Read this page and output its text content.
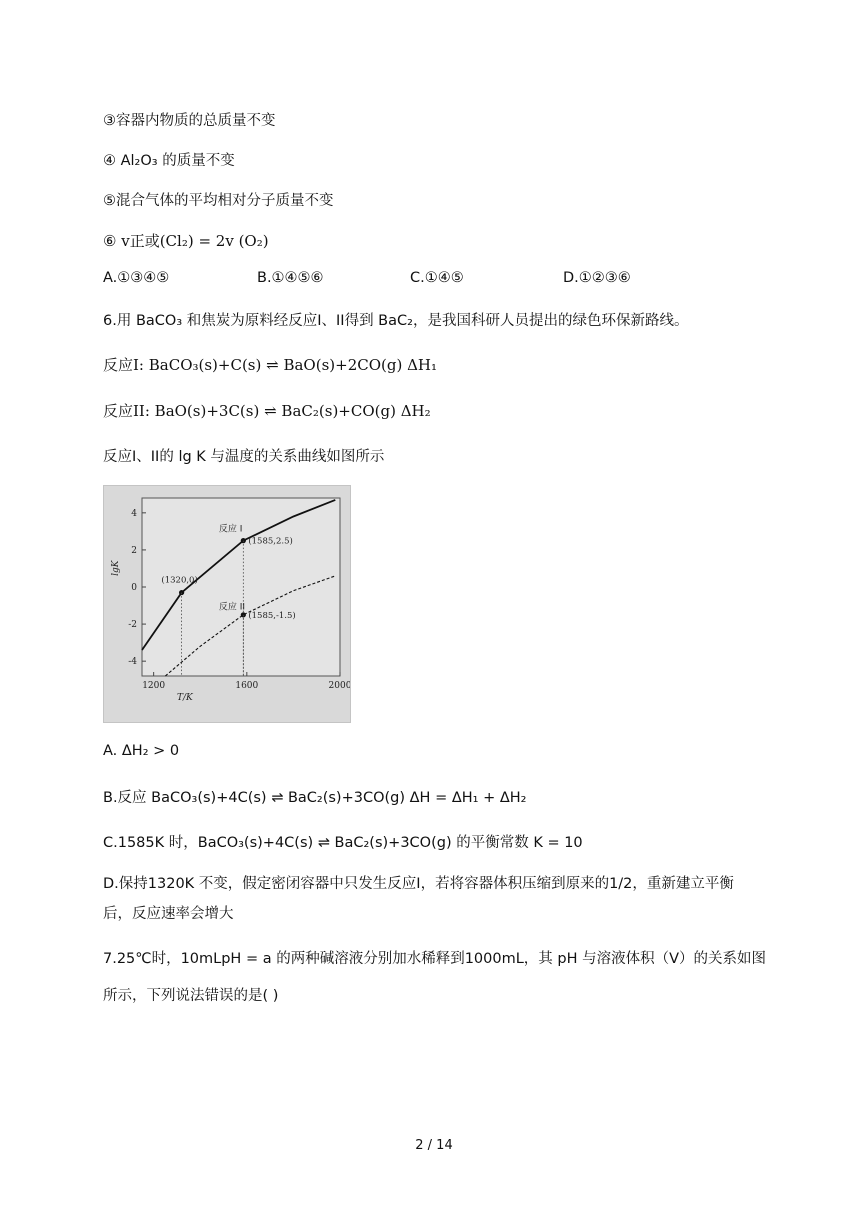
③容器内物质的总质量不变
④ Al₂O₃ 的质量不变
⑤混合气体的平均相对分子质量不变
⑥ v正或(Cl₂) = 2v (O₂)
A.①③④⑤	B.①④⑤⑥	C.①④⑤	D.①②③⑥
6.用 BaCO₃ 和焦炭为原料经反应I、II得到 BaC₂，是我国科研人员提出的绿色环保新路线。
反应I: BaCO₃(s)+C(s) ⇌ BaO(s)+2CO(g) ΔH₁
反应II: BaO(s)+3C(s) ⇌ BaC₂(s)+CO(g) ΔH₂
反应I、II的 lg K 与温度的关系曲线如图所示
1200	1600	2000
4
2
0
-2
-4
T/K
lgK
反应 I
反应 II
(1320,0)
(1585,2.5)
(1585,-1.5)
A. ΔH₂ > 0
B.反应 BaCO₃(s)+4C(s) ⇌ BaC₂(s)+3CO(g) ΔH = ΔH₁ + ΔH₂
C.1585K 时，BaCO₃(s)+4C(s) ⇌ BaC₂(s)+3CO(g) 的平衡常数 K = 10
D.保持1320K 不变，假定密闭容器中只发生反应I，若将容器体积压缩到原来的1/2，重新建立平衡
后，反应速率会增大
7.25℃时，10mLpH = a 的两种碱溶液分别加水稀释到1000mL，其 pH 与溶液体积（V）的关系如图
所示，下列说法错误的是( )
2 / 14
